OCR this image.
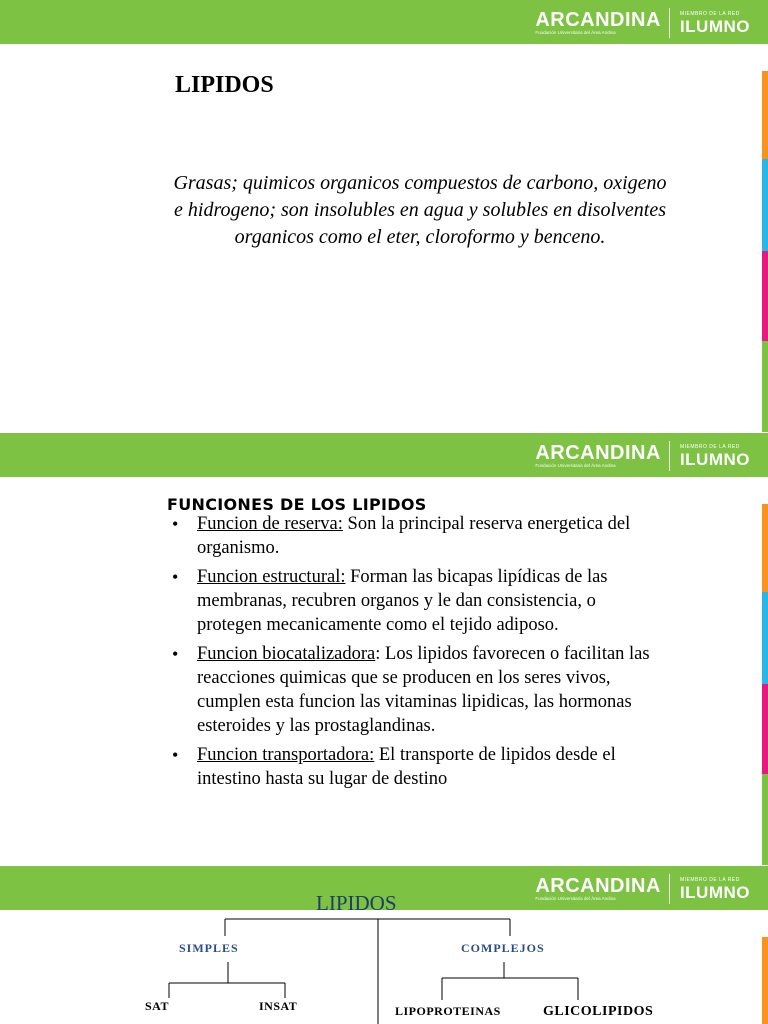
ARCANDINA
Fundación Universitaria del Área Andina
MIEMBRO DE LA RED
ILUMNO
LIPIDOS

Grasas; quimicos organicos compuestos de carbono, oxigeno e hidrogeno; son insolubles en agua y solubles en disolventes organicos como el eter, cloroformo y benceno.

ARCANDINA
Fundación Universitaria del Área Andina
MIEMBRO DE LA RED
ILUMNO
FUNCIONES DE LOS LIPIDOS
• Funcion de reserva: Son la principal reserva energetica del organismo.
• Funcion estructural: Forman las bicapas lipídicas de las membranas, recubren organos y le dan consistencia, o protegen mecanicamente como el tejido adiposo.
• Funcion biocatalizadora: Los lipidos favorecen o facilitan las reacciones quimicas que se producen en los seres vivos, cumplen esta funcion las vitaminas lipidicas, las hormonas esteroides y las prostaglandinas.
• Funcion transportadora: El transporte de lipidos desde el intestino hasta su lugar de destino
ARCANDINA
Fundación Universitaria del Área Andina
MIEMBRO DE LA RED
ILUMNO
LIPIDOS
SIMPLES	COMPLEJOS
SAT	INSAT	LIPOPROTEINAS	GLICOLIPIDOS
